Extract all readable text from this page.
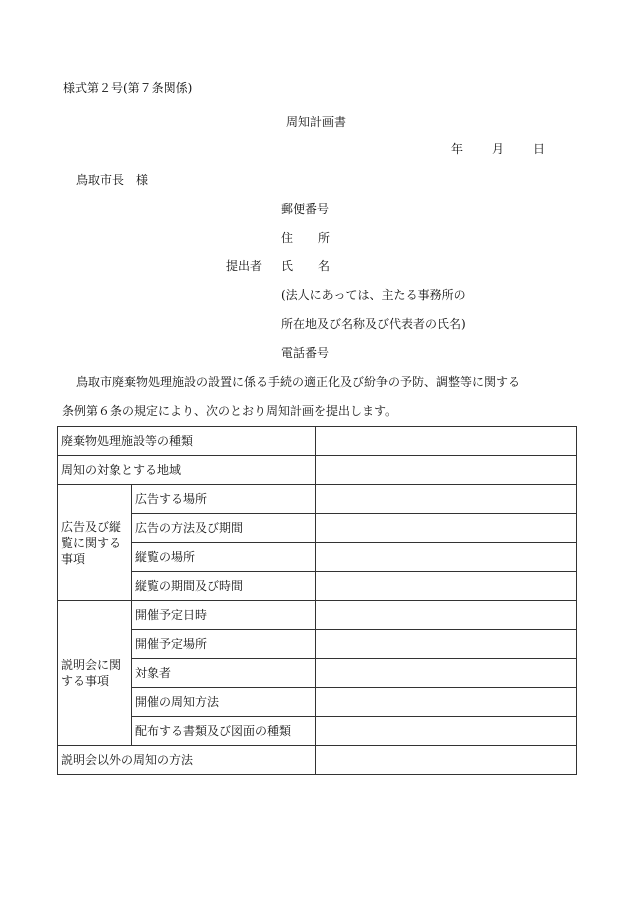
様式第２号(第７条関係)
周知計画書
年 月 日
鳥取市長　様
郵便番号
住 所
提出者 氏 名
(法人にあっては、主たる事務所の
所在地及び名称及び代表者の氏名)
電話番号
鳥取市廃棄物処理施設の設置に係る手続の適正化及び紛争の予防、調整等に関する
条例第６条の規定により、次のとおり周知計画を提出します。
廃棄物処理施設等の種類		
周知の対象とする地域		
広告及び縦
覧に関する
事項	広告する場所	
	広告の方法及び期間	
	縦覧の場所	
	縦覧の期間及び時間	
説明会に関
する事項	開催予定日時	
	開催予定場所	
	対象者	
	開催の周知方法	
	配布する書類及び図面の種類	
説明会以外の周知の方法		
